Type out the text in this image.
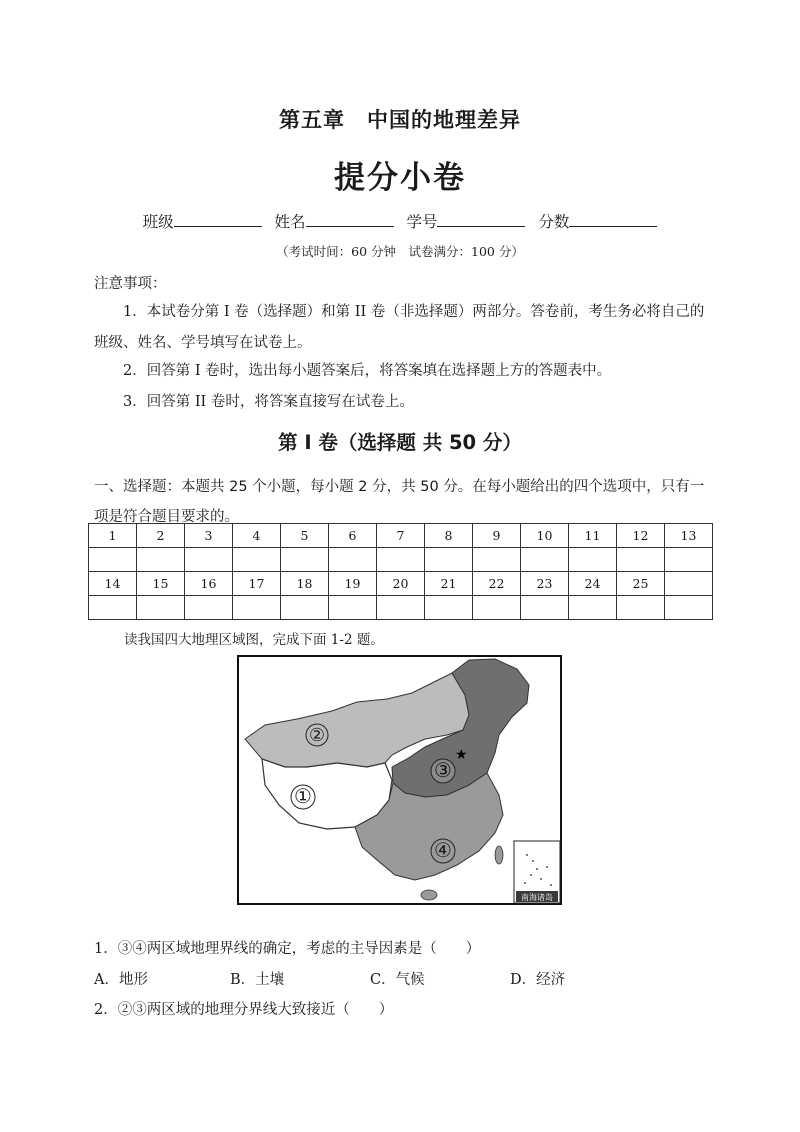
第五章　中国的地理差异
提分小卷
班级	姓名	学号	分数
（考试时间：60 分钟　试卷满分：100 分）
注意事项：
1．本试卷分第 I 卷（选择题）和第 II 卷（非选择题）两部分。答卷前，考生务必将自己的班级、姓名、学号填写在试卷上。
2．回答第 I 卷时，选出每小题答案后，将答案填在选择题上方的答题表中。
3．回答第 II 卷时，将答案直接写在试卷上。
第 I 卷（选择题 共 50 分）
一、选择题：本题共 25 个小题，每小题 2 分，共 50 分。在每小题给出的四个选项中，只有一项是符合题目要求的。
1	2	3	4	5	6	7	8	9	10	11	12	13

14	15	16	17	18	19	20	21	22	23	24	25	

读我国四大地理区域图，完成下面 1-2 题。
★
②
①
③
④
南海诸岛
1．③④两区域地理界线的确定，考虑的主导因素是（　　）
A．地形	B．土壤	C．气候	D．经济
2．②③两区域的地理分界线大致接近（　　）
